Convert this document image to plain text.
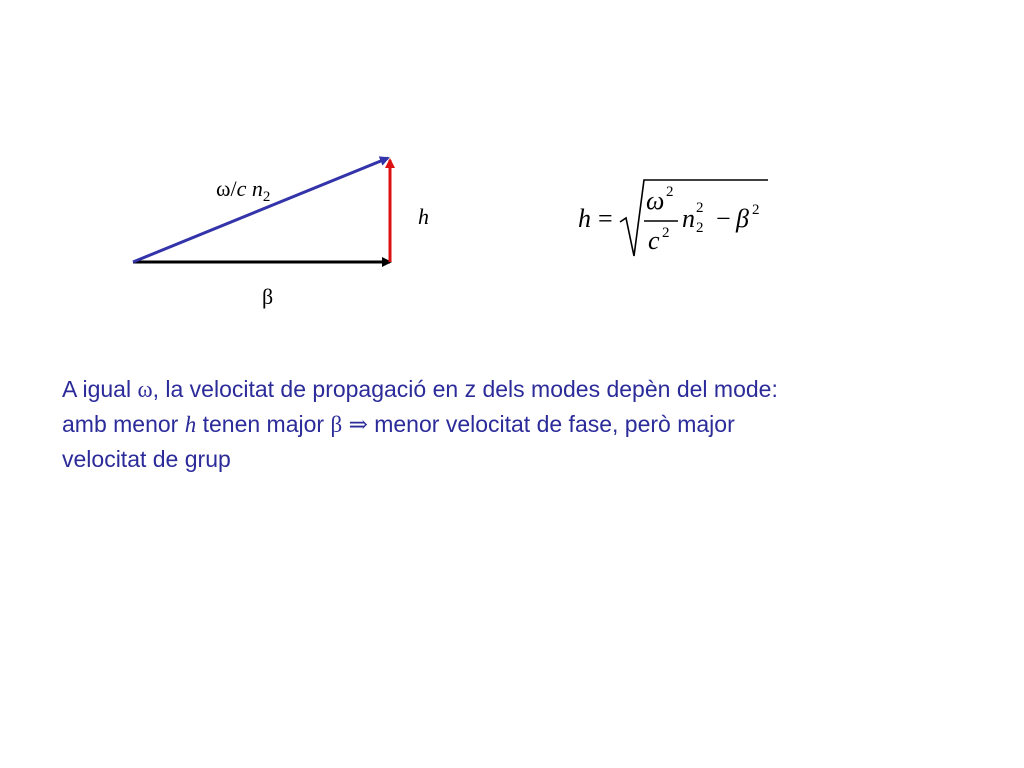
ω/c $n_2$
h
β
h =
ω 2
c 2 n 2
2 − β 2
A igual ω, la velocitat de propagació en z dels modes depèn del mode:
amb menor h tenen major β ⇒ menor velocitat de fase, però major
velocitat de grup
